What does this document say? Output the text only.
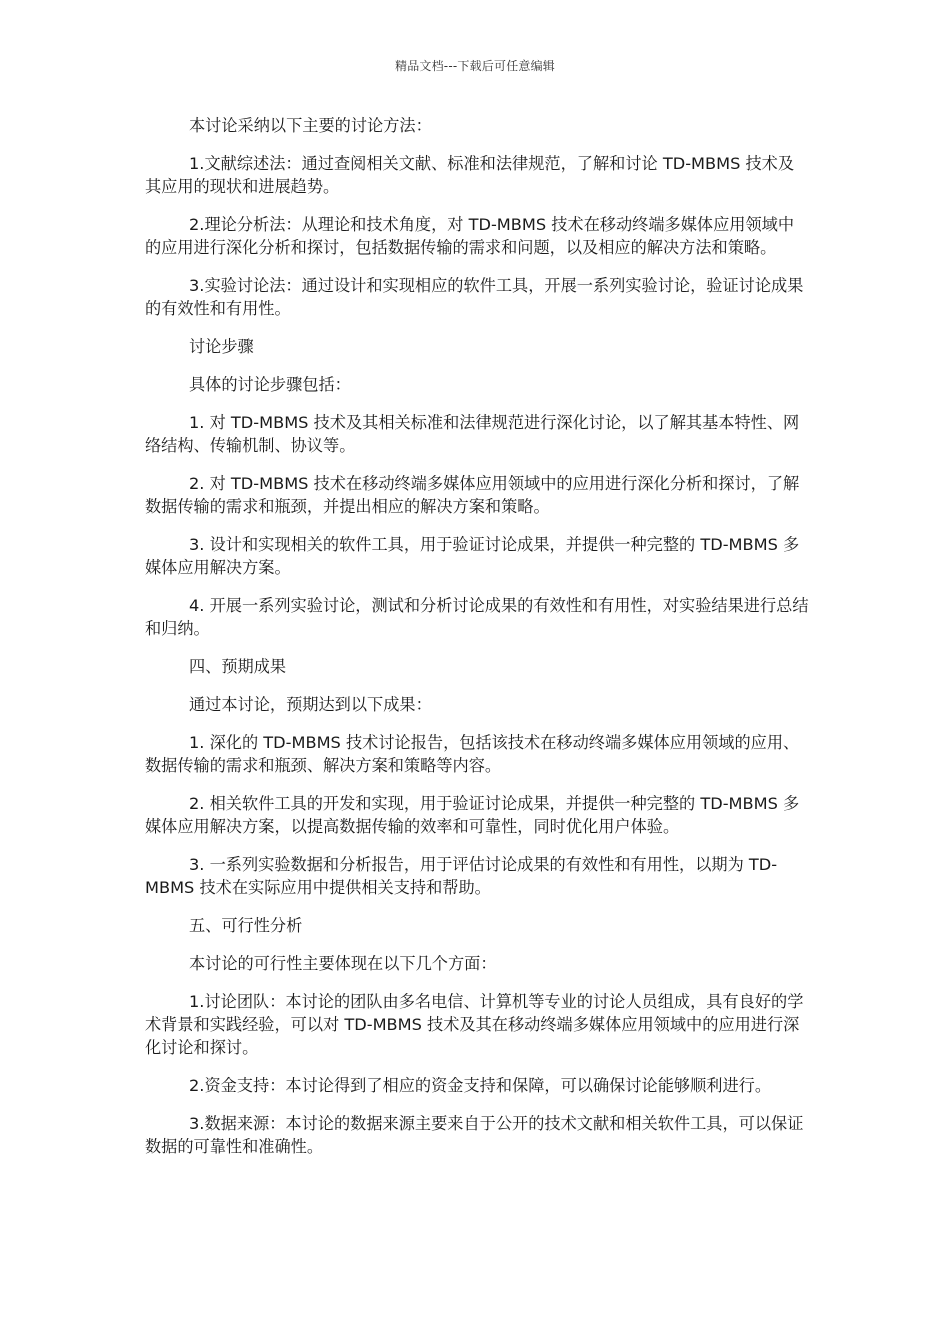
精品文档---下载后可任意编辑

本讨论采纳以下主要的讨论方法：

1.文献综述法：通过查阅相关文献、标准和法律规范，了解和讨论 TD-MBMS 技术及其应用的现状和进展趋势。

2.理论分析法：从理论和技术角度，对 TD-MBMS 技术在移动终端多媒体应用领域中的应用进行深化分析和探讨，包括数据传输的需求和问题，以及相应的解决方法和策略。

3.实验讨论法：通过设计和实现相应的软件工具，开展一系列实验讨论，验证讨论成果的有效性和有用性。

讨论步骤

具体的讨论步骤包括：

1. 对 TD-MBMS 技术及其相关标准和法律规范进行深化讨论，以了解其基本特性、网络结构、传输机制、协议等。

2. 对 TD-MBMS 技术在移动终端多媒体应用领域中的应用进行深化分析和探讨，了解数据传输的需求和瓶颈，并提出相应的解决方案和策略。

3. 设计和实现相关的软件工具，用于验证讨论成果，并提供一种完整的 TD-MBMS 多媒体应用解决方案。

4. 开展一系列实验讨论，测试和分析讨论成果的有效性和有用性，对实验结果进行总结和归纳。

四、预期成果

通过本讨论，预期达到以下成果：

1. 深化的 TD-MBMS 技术讨论报告，包括该技术在移动终端多媒体应用领域的应用、数据传输的需求和瓶颈、解决方案和策略等内容。

2. 相关软件工具的开发和实现，用于验证讨论成果，并提供一种完整的 TD-MBMS 多媒体应用解决方案，以提高数据传输的效率和可靠性，同时优化用户体验。

3. 一系列实验数据和分析报告，用于评估讨论成果的有效性和有用性，以期为 TD-MBMS 技术在实际应用中提供相关支持和帮助。

五、可行性分析

本讨论的可行性主要体现在以下几个方面：

1.讨论团队：本讨论的团队由多名电信、计算机等专业的讨论人员组成，具有良好的学术背景和实践经验，可以对 TD-MBMS 技术及其在移动终端多媒体应用领域中的应用进行深化讨论和探讨。

2.资金支持：本讨论得到了相应的资金支持和保障，可以确保讨论能够顺利进行。

3.数据来源：本讨论的数据来源主要来自于公开的技术文献和相关软件工具，可以保证数据的可靠性和准确性。
